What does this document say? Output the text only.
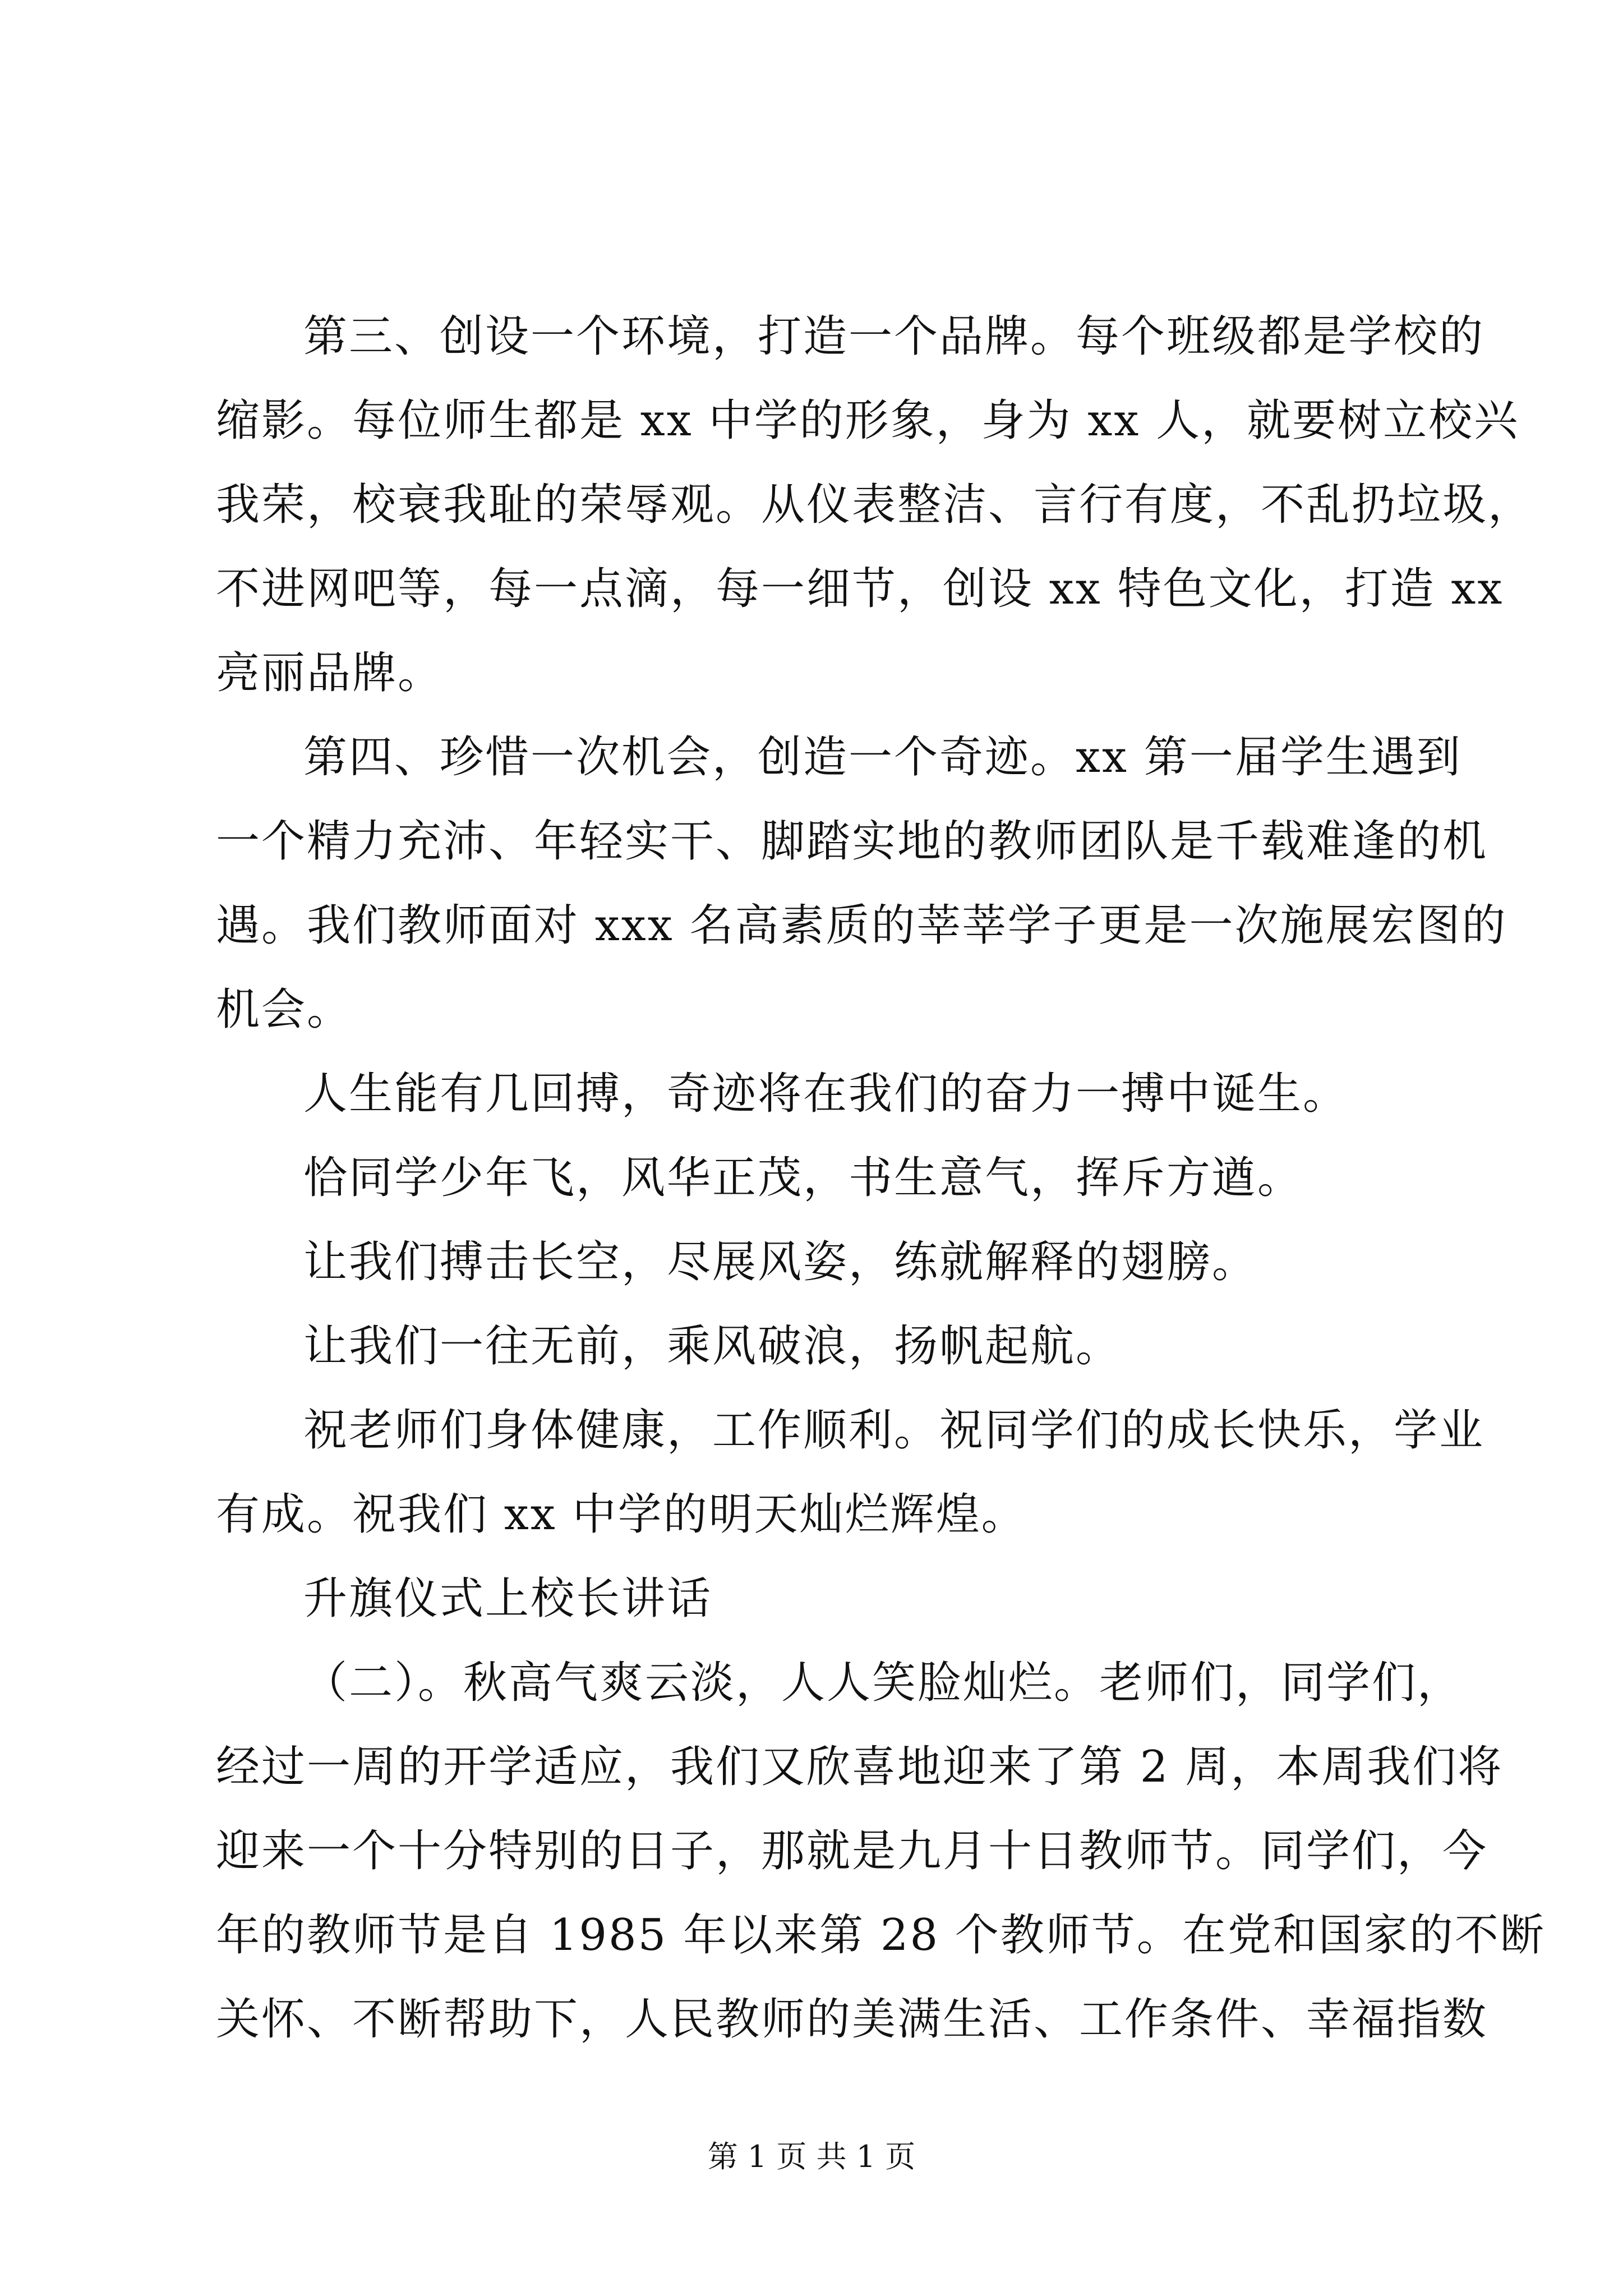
第三、创设一个环境，打造一个品牌。每个班级都是学校的
缩影。每位师生都是 xx 中学的形象，身为 xx 人，就要树立校兴
我荣，校衰我耻的荣辱观。从仪表整洁、言行有度，不乱扔垃圾，
不进网吧等，每一点滴，每一细节，创设 xx 特色文化，打造 xx
亮丽品牌。
第四、珍惜一次机会，创造一个奇迹。xx 第一届学生遇到
一个精力充沛、年轻实干、脚踏实地的教师团队是千载难逢的机
遇。我们教师面对 xxx 名高素质的莘莘学子更是一次施展宏图的
机会。
人生能有几回搏，奇迹将在我们的奋力一搏中诞生。
恰同学少年飞，风华正茂，书生意气，挥斥方遒。
让我们搏击长空，尽展风姿，练就解释的翅膀。
让我们一往无前，乘风破浪，扬帆起航。
祝老师们身体健康，工作顺利。祝同学们的成长快乐，学业
有成。祝我们 xx 中学的明天灿烂辉煌。
升旗仪式上校长讲话
（二）。秋高气爽云淡，人人笑脸灿烂。老师们，同学们，
经过一周的开学适应，我们又欣喜地迎来了第 2 周，本周我们将
迎来一个十分特别的日子，那就是九月十日教师节。同学们，今
年的教师节是自 1985 年以来第 28 个教师节。在党和国家的不断
关怀、不断帮助下，人民教师的美满生活、工作条件、幸福指数
第 1 页 共 1 页
